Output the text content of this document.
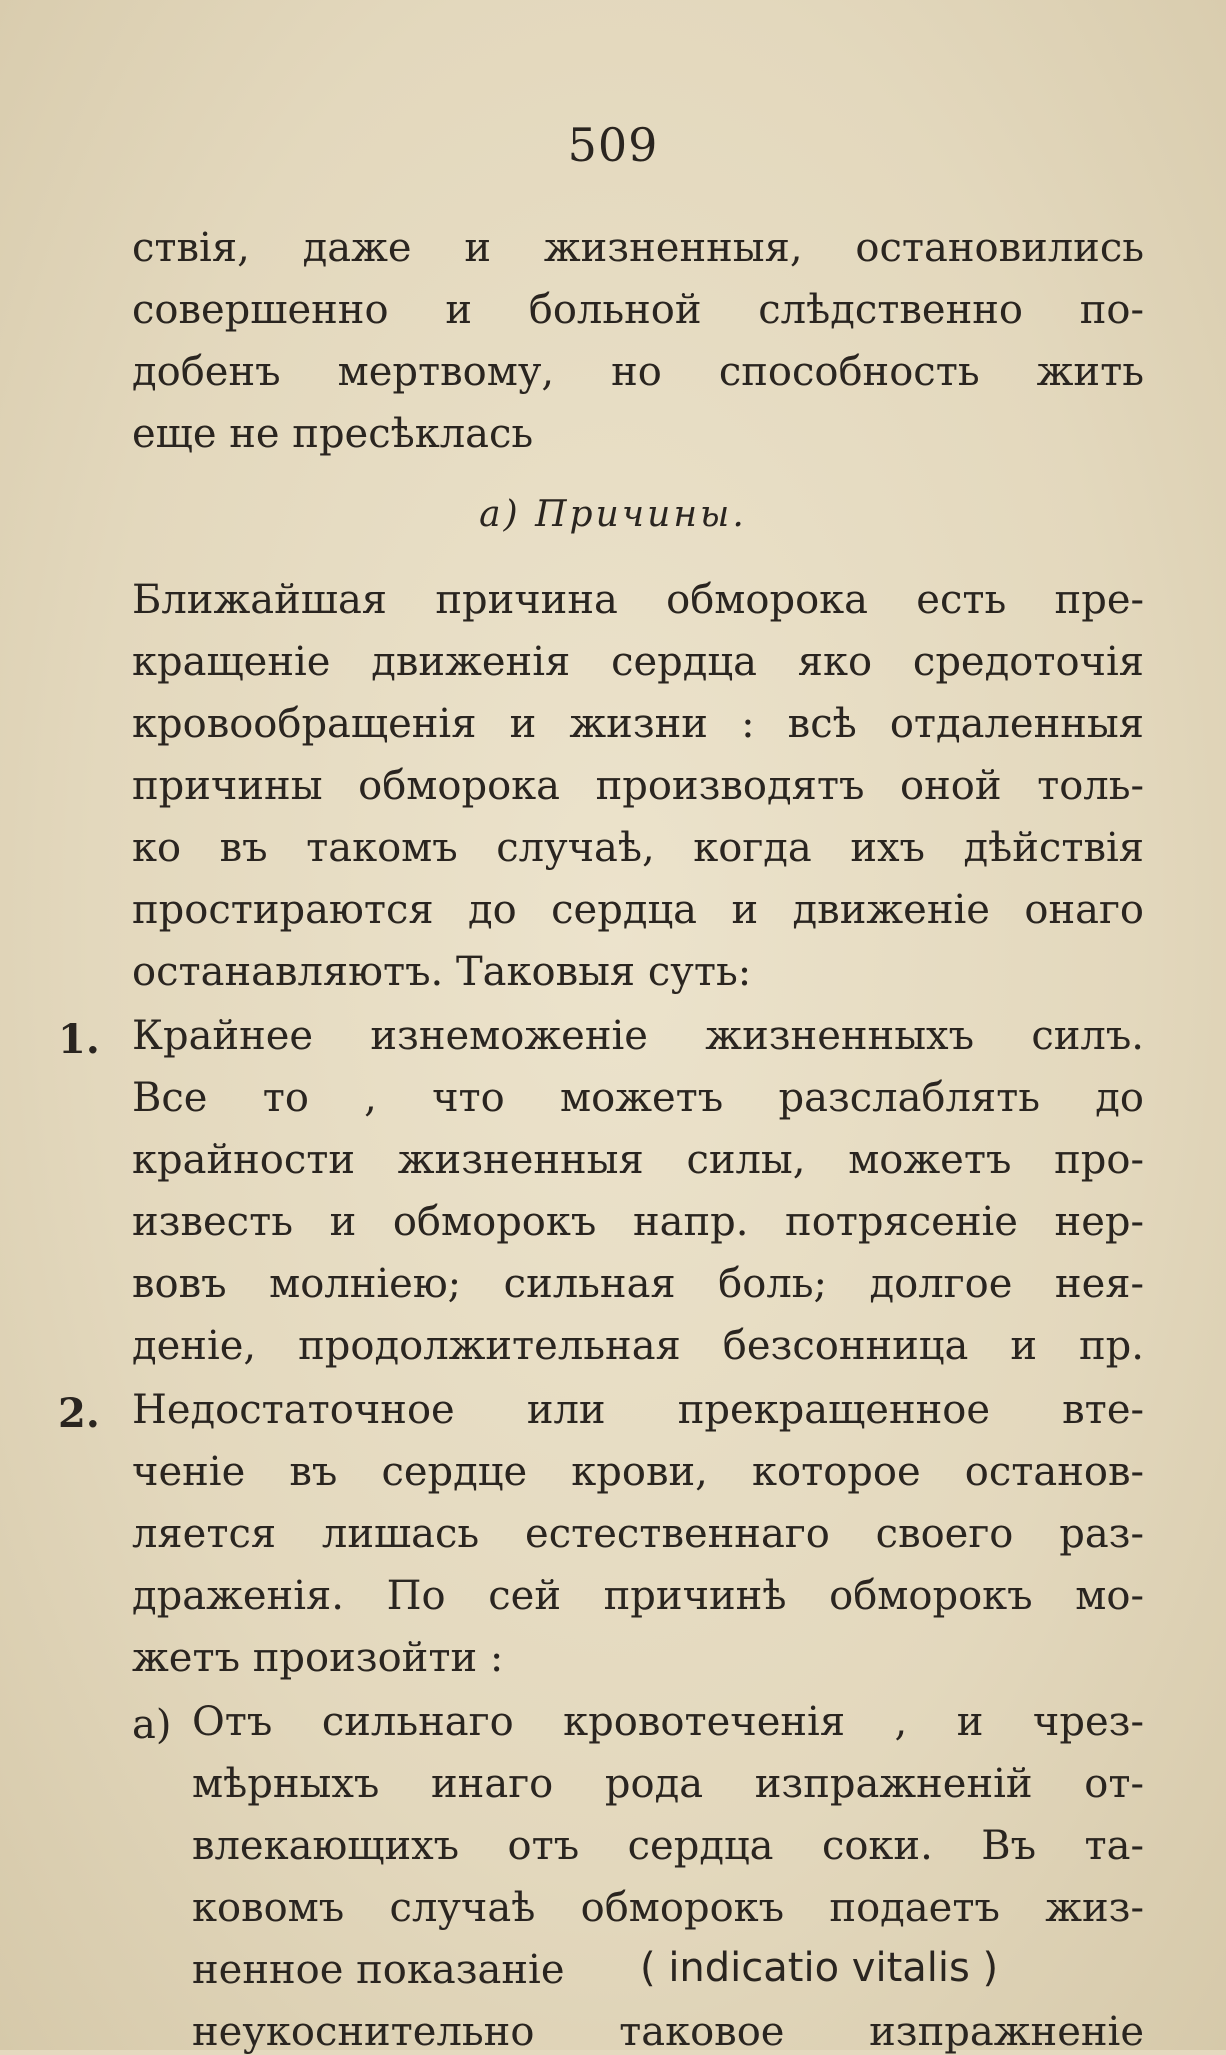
509
ствія, даже и жизненныя, остановились
совершенно и больной слѣдственно по-
добенъ мертвому, но способность жить
еще не пресѣклась
а) Причины.
Ближайшая причина обморока есть пре-
кращеніе движенія сердца яко средоточія
кровообращенія и жизни : всѣ отдаленныя
причины обморока производятъ оной толь-
ко въ такомъ случаѣ, когда ихъ дѣйствія
простираются до сердца и движеніе онаго
останавляютъ. Таковыя суть:
1. Крайнее изнеможеніе жизненныхъ силъ.
Все то , что можетъ разслаблять до
крайности жизненныя силы, можетъ про-
известь и обморокъ напр. потрясеніе нер-
вовъ молніею; сильная боль; долгое нея-
деніе, продолжительная безсонница и пр.
2. Недостаточное или прекращенное вте-
ченіе въ сердце крови, которое останов-
ляется лишась естественнаго своего раз-
драженія. По сей причинѣ обморокъ мо-
жетъ произойти :
а) Отъ сильнаго кровотеченія , и чрез-
мѣрныхъ инаго рода изпражненій от-
влекающихъ отъ сердца соки. Въ та-
ковомъ случаѣ обморокъ подаетъ жиз-
ненное показаніе ( indicatio vitalis )
неукоснительно таковое изпражненіе
